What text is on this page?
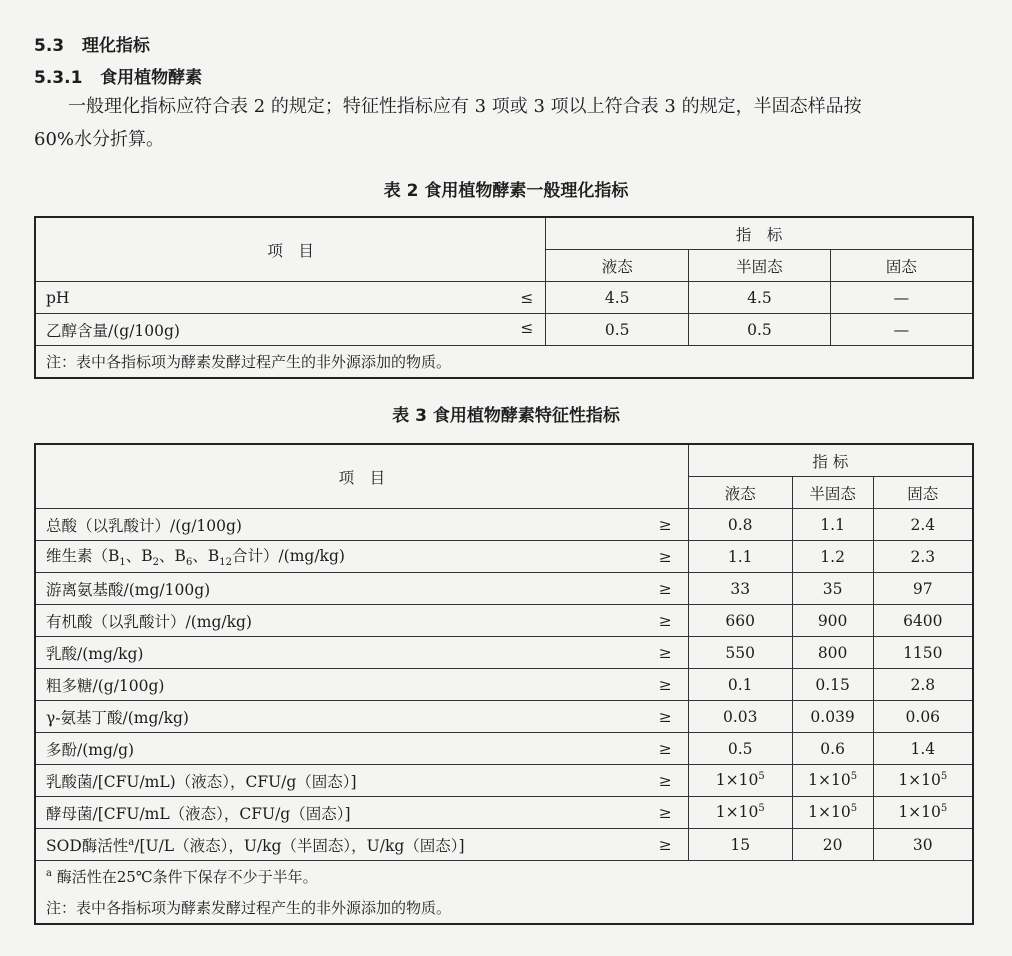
5.3 理化指标
5.3.1 食用植物酵素
一般理化指标应符合表 2 的规定；特征性指标应有 3 项或 3 项以上符合表 3 的规定，半固态样品按
60%水分折算。
表 2 食用植物酵素一般理化指标
项　目	指　标		
	液态	半固态	固态
pH ≤	4.5	4.5	—
乙醇含量/(g/100g) ≤	0.5	0.5	—
注：表中各指标项为酵素发酵过程产生的非外源添加的物质。			
表 3 食用植物酵素特征性指标
项　目		指 标		
		液态	半固态	固态
总酸（以乳酸计）/(g/100g)	≥	0.8	1.1	2.4
维生素（$B_1$、$B_2$、$B_6$、$B_{12}$合计）/(mg/kg)	≥	1.1	1.2	2.3
游离氨基酸/(mg/100g)	≥	33	35	97
有机酸（以乳酸计）/(mg/kg)	≥	660	900	6400
乳酸/(mg/kg)	≥	550	800	1150
粗多糖/(g/100g)	≥	0.1	0.15	2.8
γ-氨基丁酸/(mg/kg)	≥	0.03	0.039	0.06
多酚/(mg/g)	≥	0.5	0.6	1.4
乳酸菌/[CFU/mL)（液态），CFU/g（固态）]	≥	$1\times 10^5$	$1\times 10^5$	$1\times 10^5$
酵母菌/[CFU/mL（液态），CFU/g（固态）]	≥	$1\times 10^5$	$1\times 10^5$	$1\times 10^5$
SOD酶活性$^a$/[U/L（液态），U/kg（半固态），U/kg（固态）]	≥	15	20	30
$^a$ 酶活性在25℃条件下保存不少于半年。				
注：表中各指标项为酵素发酵过程产生的非外源添加的物质。				
